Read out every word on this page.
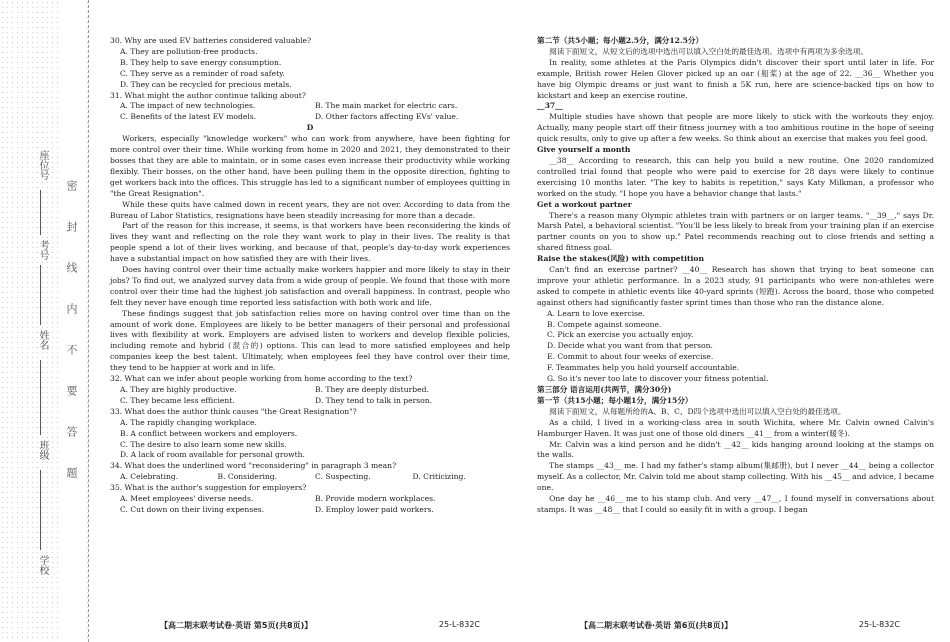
学校
班级
姓名
考号
座位号
密封线内不要答题

30. Why are used EV batteries considered valuable?

A. They are pollution-free products.
B. They help to save energy consumption.
C. They serve as a reminder of road safety.
D. They can be recycled for precious metals.

31. What might the author continue talking about?

A. The impact of new technologies.	B. The main market for electric cars.
C. Benefits of the latest EV models.	D. Other factors affecting EVs' value.

D

Workers, especially "knowledge workers" who can work from anywhere, have been fighting for more control over their time. While working from home in 2020 and 2021, they demonstrated to their bosses that they are able to maintain, or in some cases even increase their productivity while working flexibly. Their bosses, on the other hand, have been pulling them in the opposite direction, fighting to get workers back into the offices. This struggle has led to a significant number of employees quitting in "the Great Resignation".

While these quits have calmed down in recent years, they are not over. According to data from the Bureau of Labor Statistics, resignations have been steadily increasing for more than a decade.

Part of the reason for this increase, it seems, is that workers have been reconsidering the kinds of lives they want and reflecting on the role they want work to play in their lives. The reality is that people spend a lot of their lives working, and because of that, people's day-to-day work experiences have a substantial impact on how satisfied they are with their lives.

Does having control over their time actually make workers happier and more likely to stay in their jobs? To find out, we analyzed survey data from a wide group of people. We found that those with more control over their time had the highest job satisfaction and overall happiness. In contrast, people who felt they never have enough time reported less satisfaction with both work and life.

These findings suggest that job satisfaction relies more on having control over time than on the amount of work done. Employees are likely to be better managers of their personal and professional lives with flexibility at work. Employers are advised listen to workers and develop flexible policies, including remote and hybrid (混合的) options. This can lead to more satisfied employees and help companies keep the best talent. Ultimately, when employees feel they have control over their time, they tend to be happier at work and in life.

32. What can we infer about people working from home according to the text?

A. They are highly productive.	B. They are deeply disturbed.
C. They became less efficient.	D. They tend to talk in person.

33. What does the author think causes "the Great Resignation"?

A. The rapidly changing workplace.
B. A conflict between workers and employers.
C. The desire to also learn some new skills.
D. A lack of room available for personal growth.

34. What does the underlined word "reconsidering" in paragraph 3 mean?

A. Celebrating.	B. Considering.	C. Suspecting.	D. Criticizing.

35. What is the author's suggestion for employers?

A. Meet employees' diverse needs.	B. Provide modern workplaces.
C. Cut down on their living expenses.	D. Employ lower paid workers.

第二节（共5小题；每小题2.5分，满分12.5分）

阅读下面短文，从短文后的选项中选出可以填入空白处的最佳选项。选项中有两项为多余选项。

In reality, some athletes at the Paris Olympics didn't discover their sport until later in life. For example, British rower Helen Glover picked up an oar (船桨) at the age of 22. __36__ Whether you have big Olympic dreams or just want to finish a 5K run, here are science-backed tips on how to kickstart and keep an exercise routine.

__37__

Multiple studies have shown that people are more likely to stick with the workouts they enjoy. Actually, many people start off their fitness journey with a too ambitious routine in the hope of seeing quick results, only to give up after a few weeks. So think about an exercise that makes you feel good.

Give yourself a month

__38__ According to research, this can help you build a new routine. One 2020 randomized controlled trial found that people who were paid to exercise for 28 days were likely to continue exercising 10 months later. "The key to habits is repetition," says Katy Milkman, a professor who worked on the study. "I hope you have a behavior change that lasts."

Get a workout partner

There's a reason many Olympic athletes train with partners or on larger teams. "__39__," says Dr. Marsh Patel, a behavioral scientist. "You'll be less likely to break from your training plan if an exercise partner counts on you to show up." Patel recommends reaching out to close friends and setting a shared fitness goal.

Raise the stakes(风险) with competition

Can't find an exercise partner? __40__ Research has shown that trying to beat someone can improve your athletic performance. In a 2023 study, 91 participants who were non-athletes were asked to compete in athletic events like 40-yard sprints (短跑). Across the board, those who competed against others had significantly faster sprint times than those who ran the distance alone.

A. Learn to love exercise.
B. Compete against someone.
C. Pick an exercise you actually enjoy.
D. Decide what you want from that person.
E. Commit to about four weeks of exercise.
F. Teammates help you hold yourself accountable.
G. So it's never too late to discover your fitness potential.

第三部分 语言运用(共两节，满分30分)

第一节（共15小题；每小题1分，满分15分）

阅读下面短文，从每题所给的A、B、C、D四个选项中选出可以填入空白处的最佳选项。

As a child, I lived in a working-class area in south Wichita, where Mr. Calvin owned Calvin's Hamburger Haven. It was just one of those old diners __41__ from a winter(暖冬).

Mr. Calvin was a kind person and he didn't __42__ kids hanging around looking at the stamps on the walls.

The stamps __43__ me. I had my father's stamp album(集邮册), but I never __44__ being a collector myself. As a collector, Mr. Calvin told me about stamp collecting. With his __45__ and advice, I became one.

One day he __46__ me to his stamp club. And very __47__, I found myself in conversations about stamps. It was __48__ that I could so easily fit in with a group. I began

【高二期末联考试卷·英语 第5页(共8页)】	25-L-832C	【高二期末联考试卷·英语 第6页(共8页)】	25-L-832C
